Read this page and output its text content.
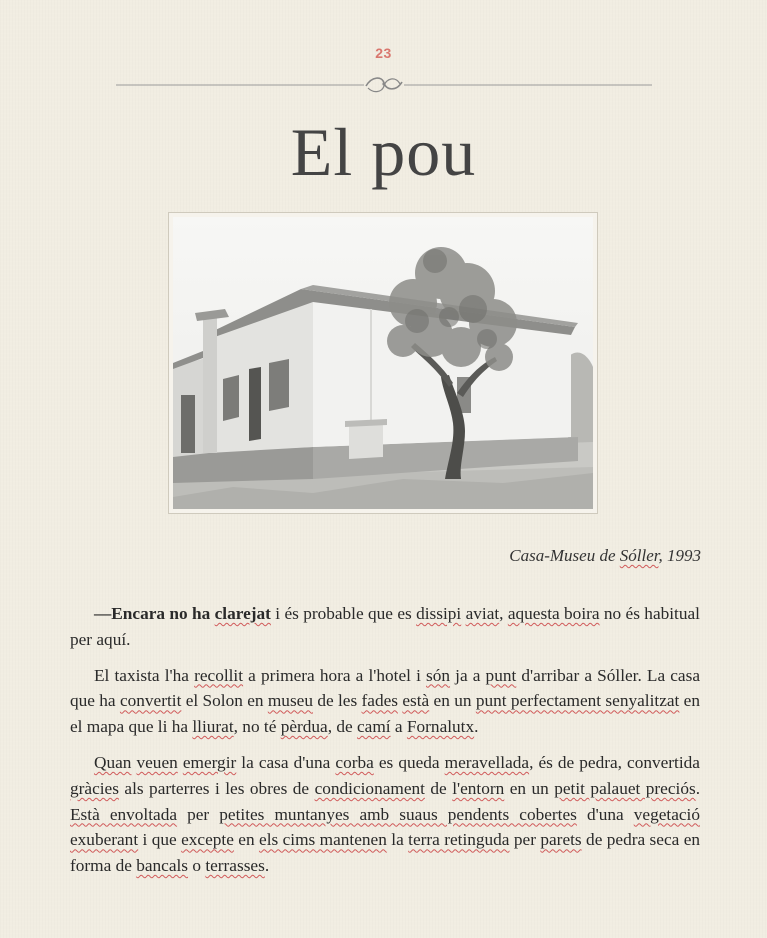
23
El pou
Casa-Museu de Sóller, 1993

—Encara no ha clarejat i és probable que es dissipi aviat, aquesta boira no és habitual per aquí.

El taxista l'ha recollit a primera hora a l'hotel i són ja a punt d'arribar a Sóller. La casa que ha convertit el Solon en museu de les fades està en un punt perfectament senyalitzat en el mapa que li ha lliurat, no té pèrdua, de camí a Fornalutx.

Quan veuen emergir la casa d'una corba es queda meravellada, és de pedra, convertida gràcies als parterres i les obres de condicionament de l'entorn en un petit palauet preciós. Està envoltada per petites muntanyes amb suaus pendents cobertes d'una vegetació exuberant i que excepte en els cims mantenen la terra retinguda per parets de pedra seca en forma de bancals o terrasses.
